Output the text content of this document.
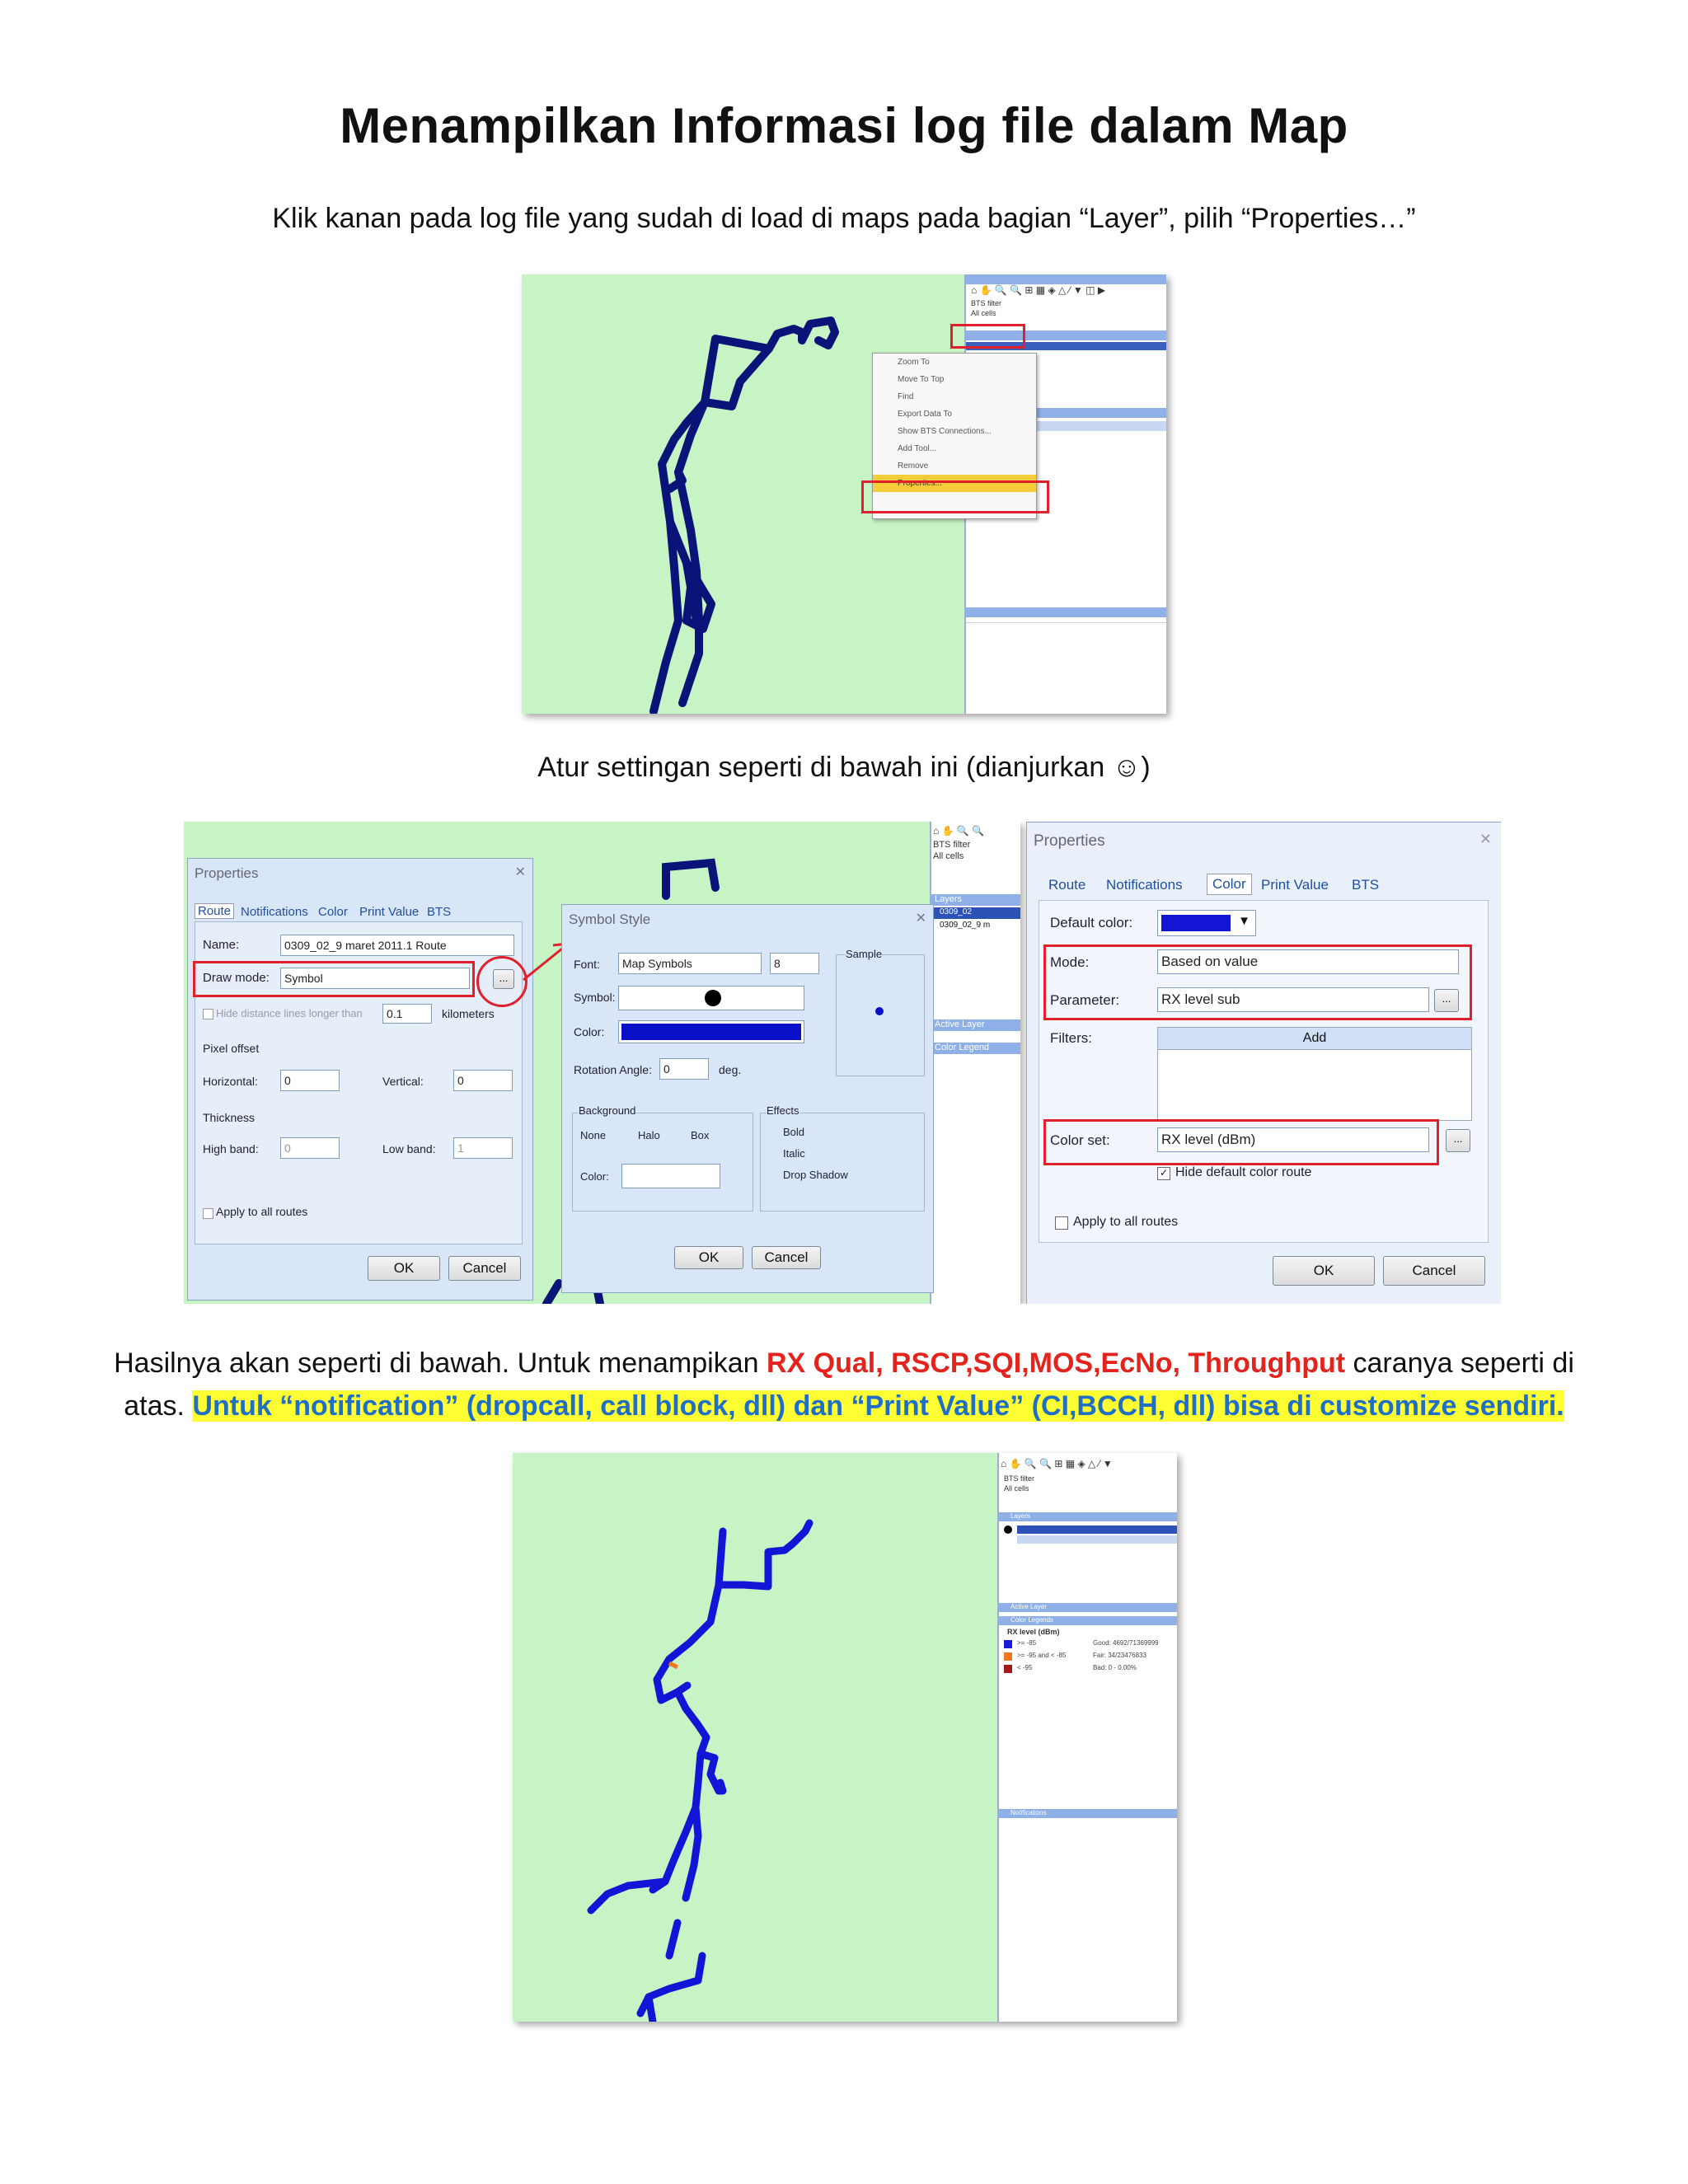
Menampilkan Informasi log file dalam Map
Klik kanan pada log file yang sudah di load di maps pada bagian “Layer”, pilih “Properties…”
⌂ ✋ 🔍 🔍 ⊞ ▦ ◈ △ ⁄ ▼ ◫ ▶
BTS filter
All cells
Zoom To
Move To Top
Find
Export Data To
Show BTS Connections...
Add Tool...
Remove
Properties...
Atur settingan seperti di bawah ini (dianjurkan ☺)
⌂ ✋ 🔍 🔍
BTS filter
All cells
Layers
0309_02
0309_02_9 m
Active Layer
Color Legend
Properties	✕
Route Notifications Color Print Value BTS
Name:	0309_02_9 maret 2011.1 Route
Draw mode:	Symbol	...
Hide distance lines longer than	0.1	kilometers
Pixel offset
Horizontal:	0	Vertical:	0
Thickness
High band:	0	Low band:	1
Apply to all routes
OK	Cancel
Symbol Style	✕
Font:	Map Symbols	8
Symbol:
Color:
Sample
Rotation Angle:	0	deg.
Background
None	Halo	Box
Color:
Effects
Bold
Italic
Drop Shadow
OK	Cancel
Properties	✕
Route Notifications	Color	Print Value BTS
Default color:	▼
Mode:	Based on value
Parameter:	RX level sub	...
Filters:	Add
Color set:	RX level (dBm)	...
✓ Hide default color route
Apply to all routes
OK	Cancel
Hasilnya akan seperti di bawah. Untuk menampikan RX Qual, RSCP,SQI,MOS,EcNo, Throughput caranya seperti di
atas. Untuk “notification” (dropcall, call block, dll) dan “Print Value” (CI,BCCH, dll) bisa di customize sendiri.
⌂ ✋ 🔍 🔍 ⊞ ▦ ◈ △ ⁄ ▼
BTS filter
All cells
Layers
Active Layer
Color Legends
RX level (dBm)
>= -85	Good: 4692/71369999
>= -95 and < -85	Fair: 34/23476833
< -95	Bad: 0 - 0.00%
Notifications
